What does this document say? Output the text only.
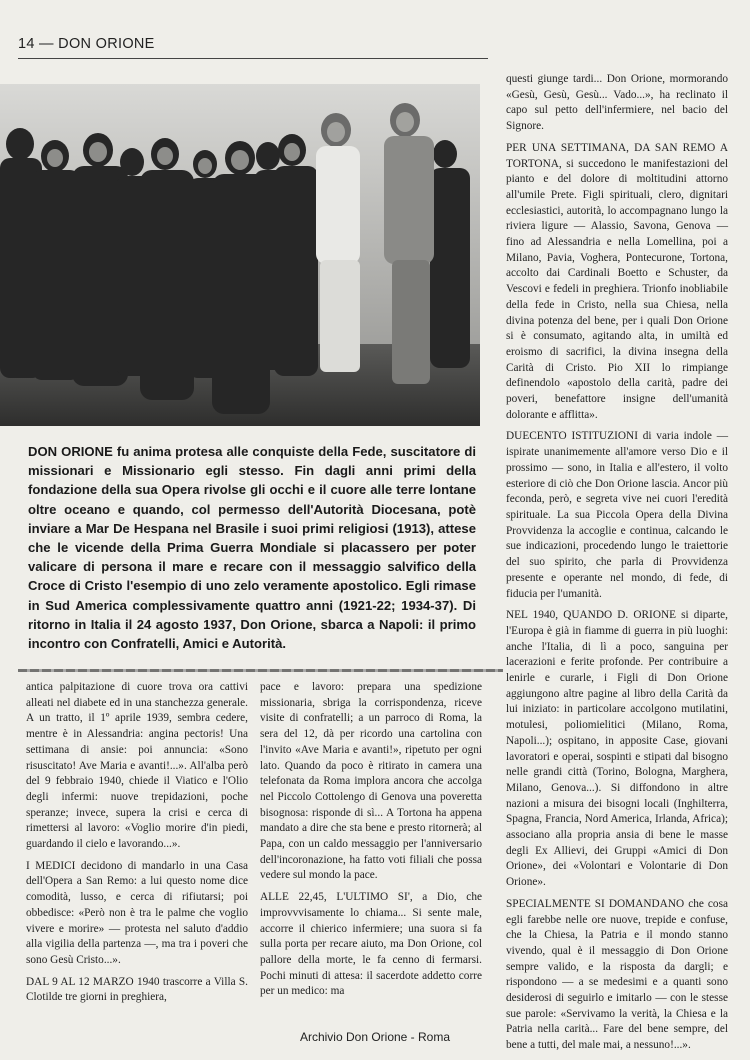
14 — DON ORIONE
DON ORIONE fu anima protesa alle conquiste della Fede, suscitatore di missionari e Missionario egli stesso. Fin dagli anni primi della fondazione della sua Opera rivolse gli occhi e il cuore alle terre lontane oltre oceano e quando, col permesso dell'Autorità Diocesana, potè inviare a Mar De Hespana nel Brasile i suoi primi religiosi (1913), attese che le vicende della Prima Guerra Mondiale si placassero per poter valicare di persona il mare e recare con il messaggio salvifico della Croce di Cristo l'esempio di uno zelo veramente apostolico. Egli rimase in Sud America complessivamente quattro anni (1921-22; 1934-37). Di ritorno in Italia il 24 agosto 1937, Don Orione, sbarca a Napoli: il primo incontro con Confratelli, Amici e Autorità.

antica palpitazione di cuore trova ora cattivi alleati nel diabete ed in una stanchezza generale. A un tratto, il 1º aprile 1939, sembra cedere, mentre è in Alessandria: angina pectoris! Una settimana di ansie: poi annuncia: «Sono risuscitato! Ave Maria e avanti!...». All'alba però del 9 febbraio 1940, chiede il Viatico e l'Olio degli infermi: nuove trepidazioni, poche speranze; invece, supera la crisi e cerca di rimettersi al lavoro: «Voglio morire d'in piedi, guardando il cielo e lavorando...».

I MEDICI decidono di mandarlo in una Casa dell'Opera a San Remo: a lui questo nome dice comodità, lusso, e cerca di rifiutarsi; poi obbedisce: «Però non è tra le palme che voglio vivere e morire» — protesta nel saluto d'addio alla vigilia della partenza —, ma tra i poveri che sono Gesù Cristo...».

DAL 9 AL 12 MARZO 1940 trascorre a Villa S. Clotilde tre giorni in preghiera,

pace e lavoro: prepara una spedizione missionaria, sbriga la corrispondenza, riceve visite di confratelli; a un parroco di Roma, la sera del 12, dà per ricordo una cartolina con l'invito «Ave Maria e avanti!», ripetuto per ogni lato. Quando da poco è ritirato in camera una telefonata da Roma implora ancora che accolga nel Piccolo Cottolengo di Genova una poveretta bisognosa: risponde di sì... A Tortona ha appena mandato a dire che sta bene e presto ritornerà; al Papa, con un caldo messaggio per l'anniversario dell'incoronazione, ha fatto voti filiali che possa vedere sul mondo la pace.

ALLE 22,45, L'ULTIMO SI', a Dio, che improvvvisamente lo chiama... Si sente male, accorre il chierico infermiere; una suora si fa sulla porta per recare aiuto, ma Don Orione, col pallore della morte, le fa cenno di fermarsi. Pochi minuti di attesa: il sacerdote addetto corre per un medico: ma

questi giunge tardi... Don Orione, mormorando «Gesù, Gesù, Gesù... Vado...», ha reclinato il capo sul petto dell'infermiere, nel bacio del Signore.

PER UNA SETTIMANA, DA SAN REMO A TORTONA, si succedono le manifestazioni del pianto e del dolore di moltitudini attorno all'umile Prete. Figli spirituali, clero, dignitari ecclesiastici, autorità, lo accompagnano lungo la riviera ligure — Alassio, Savona, Genova — fino ad Alessandria e nella Lomellina, poi a Milano, Pavia, Voghera, Pontecurone, Tortona, accolto dai Cardinali Boetto e Schuster, da Vescovi e fedeli in preghiera. Trionfo inobliabile della fede in Cristo, nella sua Chiesa, nella divina potenza del bene, per i quali Don Orione si è consumato, agitando alta, in umiltà ed eroismo di sacrifici, la divina insegna della Carità di Cristo. Pio XII lo rimpiange definendolo «apostolo della carità, padre dei poveri, benefattore insigne dell'umanità dolorante e afflitta».

DUECENTO ISTITUZIONI di varia indole — ispirate unanimemente all'amore verso Dio e il prossimo — sono, in Italia e all'estero, il volto esteriore di ciò che Don Orione lascia. Ancor più feconda, però, e segreta vive nei cuori l'eredità spirituale. La sua Piccola Opera della Divina Provvidenza la accoglie e continua, calcando le sue indicazioni, procedendo lungo le traiettorie del suo spirito, che parla di Provvidenza presente e operante nel mondo, di fede, di fiducia per l'umanità.

NEL 1940, QUANDO D. ORIONE si diparte, l'Europa è già in fiamme di guerra in più luoghi: anche l'Italia, di lì a poco, sanguina per lacerazioni e ferite profonde. Per contribuire a lenirle e curarle, i Figli di Don Orione aggiungono altre pagine al libro della Carità da lui iniziato: in particolare accolgono mutilatini, motulesi, poliomielitici (Milano, Roma, Napoli...); ospitano, in apposite Case, giovani lavoratori e operai, sospinti e stipati dal bisogno nelle grandi città (Torino, Bologna, Marghera, Milano, Genova...). Si diffondono in altre nazioni a misura dei bisogni locali (Inghilterra, Spagna, Francia, Nord America, Irlanda, Africa); associano alla propria ansia di bene le masse degli Ex Allievi, dei Gruppi «Amici di Don Orione», dei «Volontari e Volontarie di Don Orione».

SPECIALMENTE SI DOMANDANO che cosa egli farebbe nelle ore nuove, trepide e confuse, che la Chiesa, la Patria e il mondo stanno vivendo, qual è il messaggio di Don Orione sempre valido, e la risposta da dargli; e rispondono — a se medesimi e a quanti sono desiderosi di seguirlo e imitarlo — con le stesse sue parole: «Servivamo la verità, la Chiesa e la Patria nella carità... Fare del bene sempre, del bene a tutti, del male mai, a nessuno!...».

Archivio Don Orione - Roma
